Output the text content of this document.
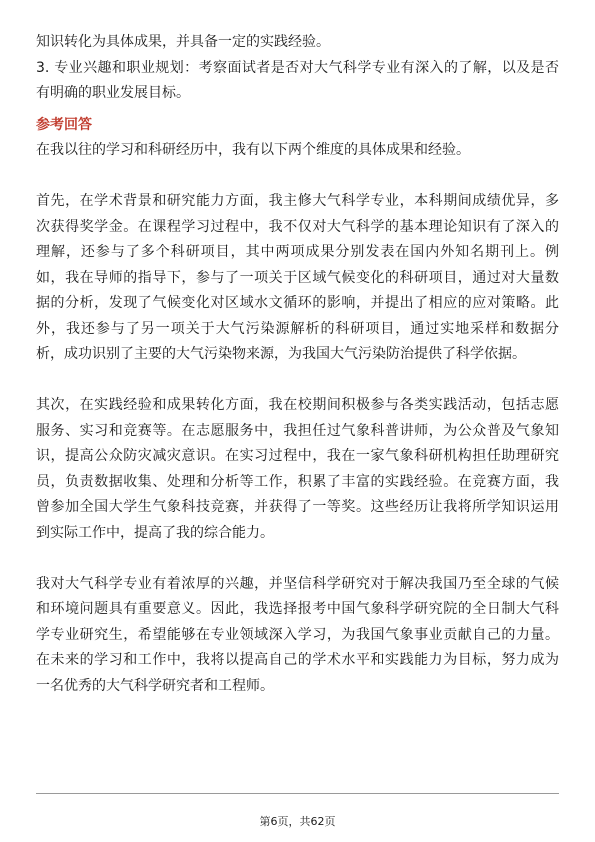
知识转化为具体成果，并具备一定的实践经验。
3. 专业兴趣和职业规划：考察面试者是否对大气科学专业有深入的了解，以及是否
有明确的职业发展目标。
参考回答
在我以往的学习和科研经历中，我有以下两个维度的具体成果和经验。
首先，在学术背景和研究能力方面，我主修大气科学专业，本科期间成绩优异，多
次获得奖学金。在课程学习过程中，我不仅对大气科学的基本理论知识有了深入的
理解，还参与了多个科研项目，其中两项成果分别发表在国内外知名期刊上。例
如，我在导师的指导下，参与了一项关于区域气候变化的科研项目，通过对大量数
据的分析，发现了气候变化对区域水文循环的影响，并提出了相应的应对策略。此
外，我还参与了另一项关于大气污染源解析的科研项目，通过实地采样和数据分
析，成功识别了主要的大气污染物来源，为我国大气污染防治提供了科学依据。
其次，在实践经验和成果转化方面，我在校期间积极参与各类实践活动，包括志愿
服务、实习和竞赛等。在志愿服务中，我担任过气象科普讲师，为公众普及气象知
识，提高公众防灾减灾意识。在实习过程中，我在一家气象科研机构担任助理研究
员，负责数据收集、处理和分析等工作，积累了丰富的实践经验。在竞赛方面，我
曾参加全国大学生气象科技竞赛，并获得了一等奖。这些经历让我将所学知识运用
到实际工作中，提高了我的综合能力。
我对大气科学专业有着浓厚的兴趣，并坚信科学研究对于解决我国乃至全球的气候
和环境问题具有重要意义。因此，我选择报考中国气象科学研究院的全日制大气科
学专业研究生，希望能够在专业领域深入学习，为我国气象事业贡献自己的力量。
在未来的学习和工作中，我将以提高自己的学术水平和实践能力为目标，努力成为
一名优秀的大气科学研究者和工程师。
第6页，共62页
